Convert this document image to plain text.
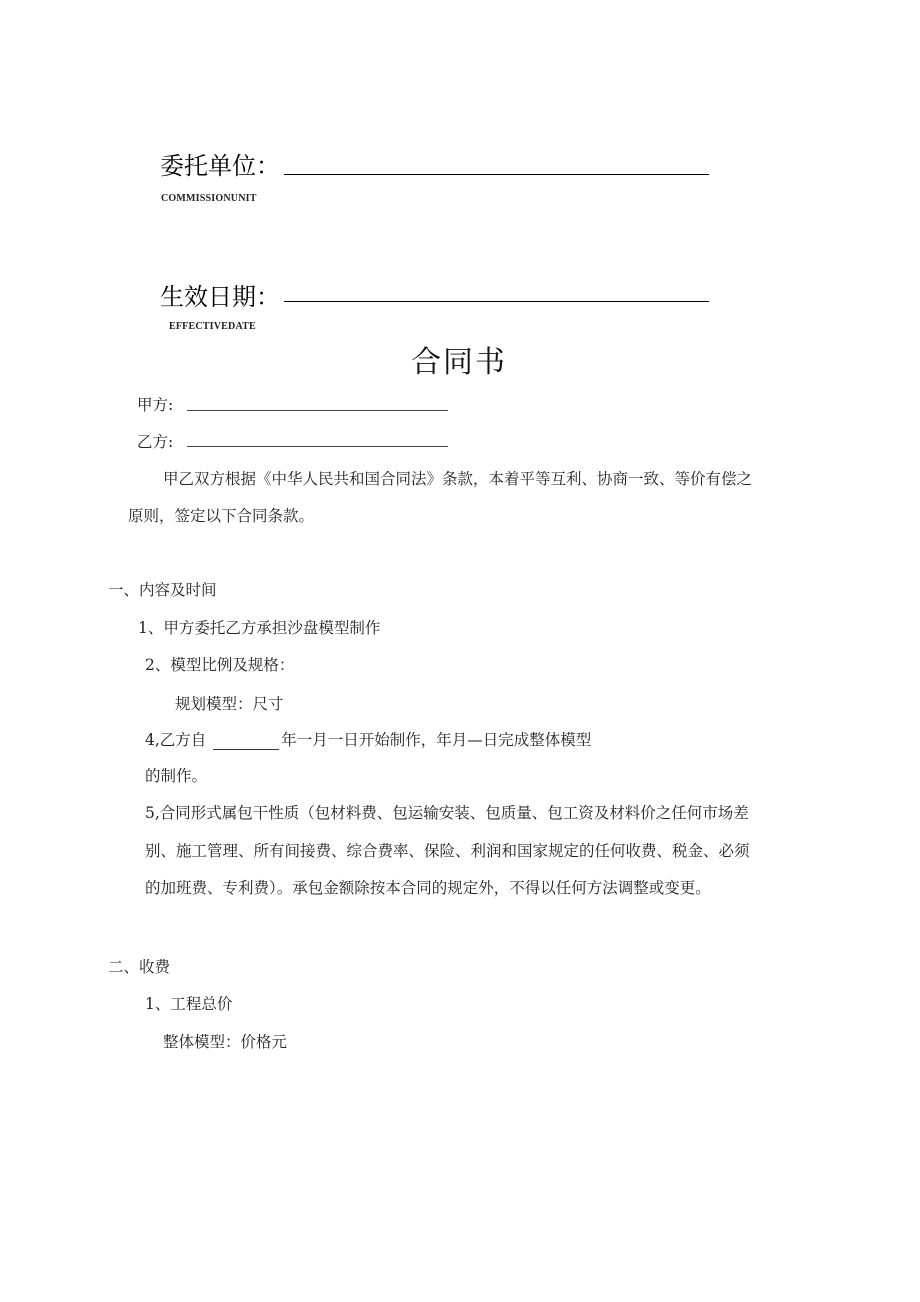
委托单位：
COMMISSIONUNIT
生效日期：
EFFECTIVEDATE
合同书
甲方:
乙方:
甲乙双方根据《中华人民共和国合同法》条款，本着平等互利、协商一致、等价有偿之
原则，签定以下合同条款。
一、内容及时间
1、甲方委托乙方承担沙盘模型制作
2、模型比例及规格：
规划模型：尺寸
4,乙方自	年一月一日开始制作，年月—日完成整体模型
的制作。
5,合同形式属包干性质（包材料费、包运输安装、包质量、包工资及材料价之任何市场差
别、施工管理、所有间接费、综合费率、保险、利润和国家规定的任何收费、税金、必须
的加班费、专利费）。承包金额除按本合同的规定外，不得以任何方法调整或变更。
二、收费
1、工程总价
整体模型：价格元
